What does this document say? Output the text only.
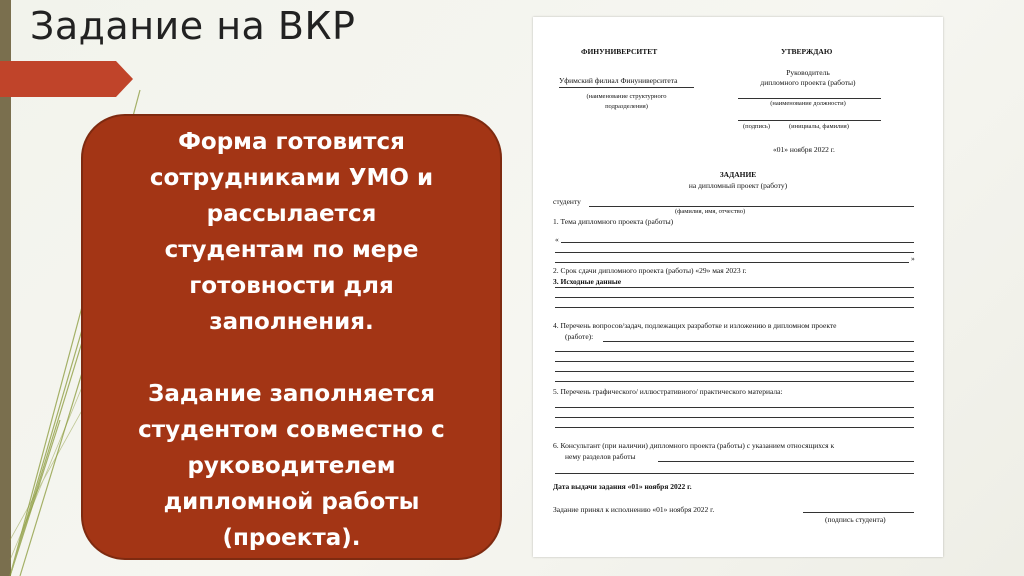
Задание на ВКР

Форма готовится
сотрудниками УМО и
рассылается
студентам по мере
готовности для
заполнения.

Задание заполняется
студентом совместно с
руководителем
дипломной работы
(проекта).

ФИНУНИВЕРСИТЕТ	УТВЕРЖДАЮ
Уфимский филиал Финуниверситета
(наименование структурного
подразделения)
Руководитель
дипломного проекта (работы)
(наименование должности)
(подпись)	(инициалы, фамилия)
«01» ноября 2022 г.
ЗАДАНИЕ
на дипломный проект (работу)
студенту
(фамилия, имя, отчество)
1. Тема дипломного проекта (работы)
«
»
2. Срок сдачи дипломного проекта (работы) «29» мая 2023 г.
3. Исходные данные
4. Перечень вопросов/задач, подлежащих разработке и изложению в дипломном проекте
(работе):
5. Перечень графического/ иллюстративного/ практического материала:
6. Консультант (при наличии) дипломного проекта (работы) с указанием относящихся к
нему разделов работы
Дата выдачи задания «01» ноября 2022 г.
Задание принял к исполнению «01» ноября 2022 г.
(подпись студента)
